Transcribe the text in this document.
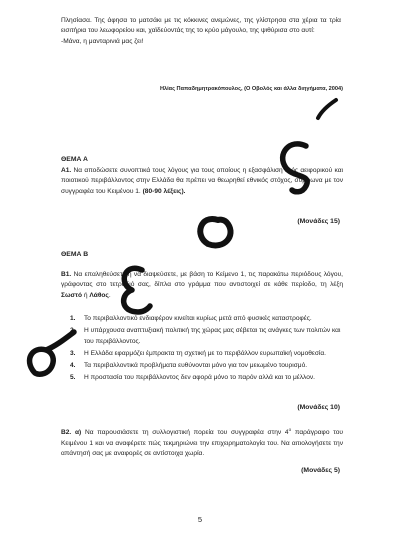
Πλησίασα. Της άφησα το ματσάκι με τις κόκκινες ανεμώνες, της γλίστρησα στα χέρια τα τρία εισιτήρια του λεωφορείου και, χαϊδεύοντάς της το κρύο μάγουλο, της ψιθύρισα στο αυτί:
-Μάνα, η μανταρινιά μας ζει!
Ηλίας Παπαδημητρακόπουλος, (Ο Οβολός και άλλα διηγήματα, 2004)
ΘΕΜΑ Α
Α1. Να αποδώσετε συνοπτικά τους λόγους για τους οποίους η εξασφάλιση ενός αειφορικού και ποιοτικού περιβάλλοντος στην Ελλάδα θα πρέπει να θεωρηθεί εθνικός στόχος, σύμφωνα με τον συγγραφέα του Κειμένου 1. (80-90 λέξεις).
(Μονάδες 15)
ΘΕΜΑ Β
Β1. Να επαληθεύσετε ή να διαψεύσετε, με βάση το Κείμενο 1, τις παρακάτω περιόδους λόγου, γράφοντας στο τετράδιό σας, δίπλα στο γράμμα που αντιστοιχεί σε κάθε περίοδο, τη λέξη Σωστό ή Λάθος.
1. Το περιβαλλοντικό ενδιαφέρον κινείται κυρίως μετά από φυσικές καταστροφές.
2. Η υπάρχουσα αναπτυξιακή πολιτική της χώρας μας σέβεται τις ανάγκες των πολιτών και του περιβάλλοντος.
3. Η Ελλάδα εφαρμόζει έμπρακτα τη σχετική με το περιβάλλον ευρωπαϊκή νομοθεσία.
4. Τα περιβαλλοντικά προβλήματα ευθύνονται μόνο για τον μειωμένο τουρισμό.
5. Η προστασία του περιβάλλοντος δεν αφορά μόνο το παρόν αλλά και το μέλλον.
(Μονάδες 10)
Β2. α) Να παρουσιάσετε τη συλλογιστική πορεία του συγγραφέα στην $4^o$ παράγραφο του Κειμένου 1 και να αναφέρετε πώς τεκμηριώνει την επιχειρηματολογία του. Να αιτιολογήσετε την απάντησή σας με αναφορές σε αντίστοιχα χωρία.
(Μονάδες 5)
5
